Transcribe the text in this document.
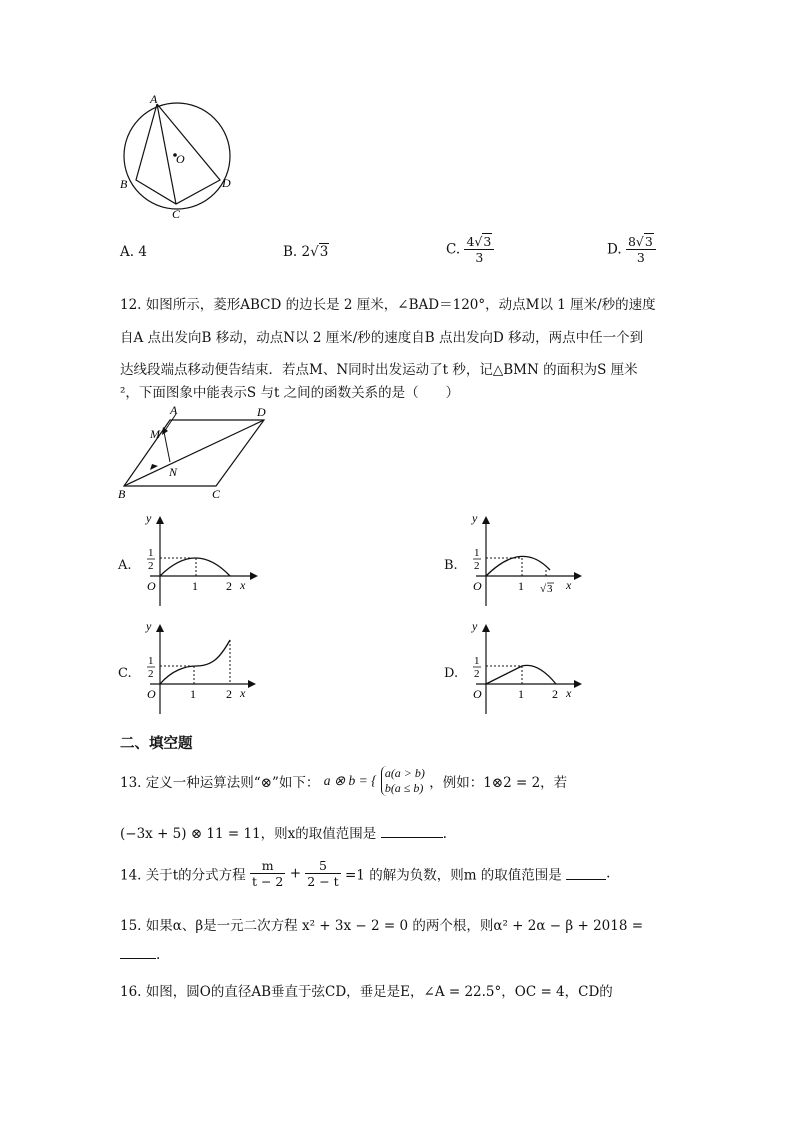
A
O
B
C
D
A. 4	B. 2√3	C. $\frac{4√3}{3}$	D. $\frac{8√3}{3}$
12. 如图所示，菱形ABCD 的边长是 2 厘米，∠BAD＝120°，动点M以 1 厘米/秒的速度
自A 点出发向B 移动，动点N以 2 厘米/秒的速度自B 点出发向D 移动，两点中任一个到
达线段端点移动便告结束．若点M、N同时出发运动了t 秒，记△BMN 的面积为S 厘米
²，下面图象中能表示S 与t 之间的函数关系的是（　　）
A	D
M
N
B	C
A.
y
1
2
O	1 2 x
B.
y
1
2
O	1 √ 3 x
C.
y
1
2
O	1	2 x
D.
y
1
2
O	1 2 x
二、填空题
13. 定义一种运算法则“⊗”如下： a ⊗ b = { a(a > b)
b(a ≤ b) ，例如：1⊗2 = 2，若
(−3x + 5) ⊗ 11 = 11，则x的取值范围是	.
14. 关于t的分式方程 $\frac{m}{t - 2} + \frac{5}{2 - t} =1$ 的解为负数，则m 的取值范围是	.
15. 如果α、β是一元二次方程 x² + 3x − 2 = 0 的两个根，则α² + 2α − β + 2018 =
.
16. 如图，圆O的直径AB垂直于弦CD，垂足是E，∠A = 22.5°，OC = 4，CD的
